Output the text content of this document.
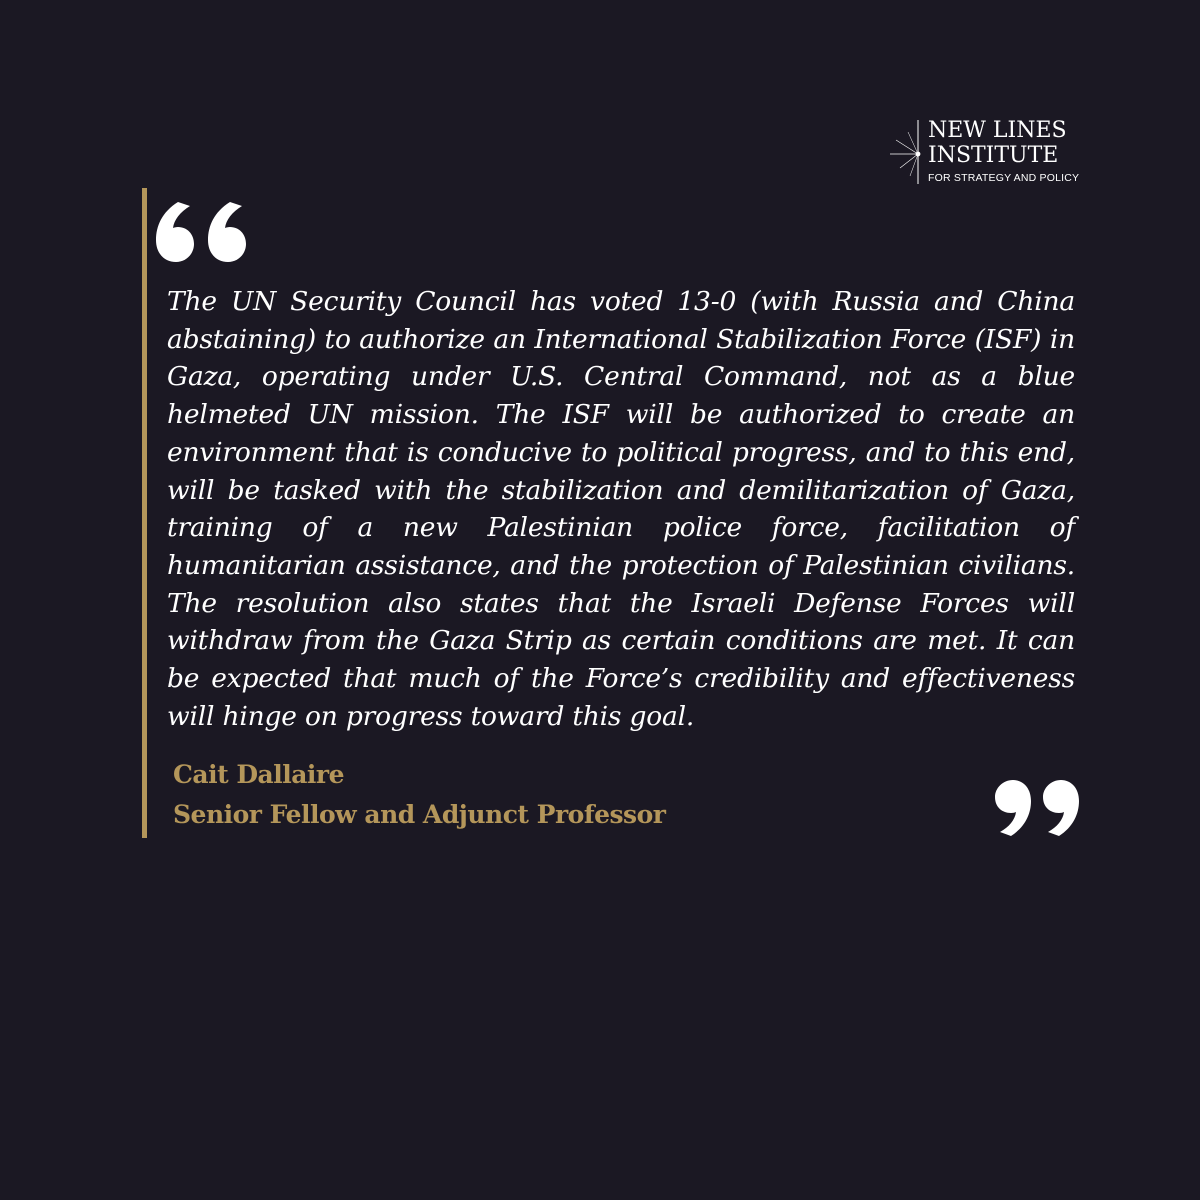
NEW LINES
INSTITUTE
FOR STRATEGY AND POLICY

The UN Security Council has voted 13-0 (with Russia and China abstaining) to authorize an International Stabilization Force (ISF) in Gaza, operating under U.S. Central Command, not as a blue helmeted UN mission. The ISF will be authorized to create an environment that is conducive to political progress, and to this end, will be tasked with the stabilization and demilitarization of Gaza, training of a new Palestinian police force, facilitation of humanitarian assistance, and the protection of Palestinian civilians. The resolution also states that the Israeli Defense Forces will withdraw from the Gaza Strip as certain conditions are met. It can be expected that much of the Force’s credibility and effectiveness will hinge on progress toward this goal.

Cait Dallaire
Senior Fellow and Adjunct Professor
